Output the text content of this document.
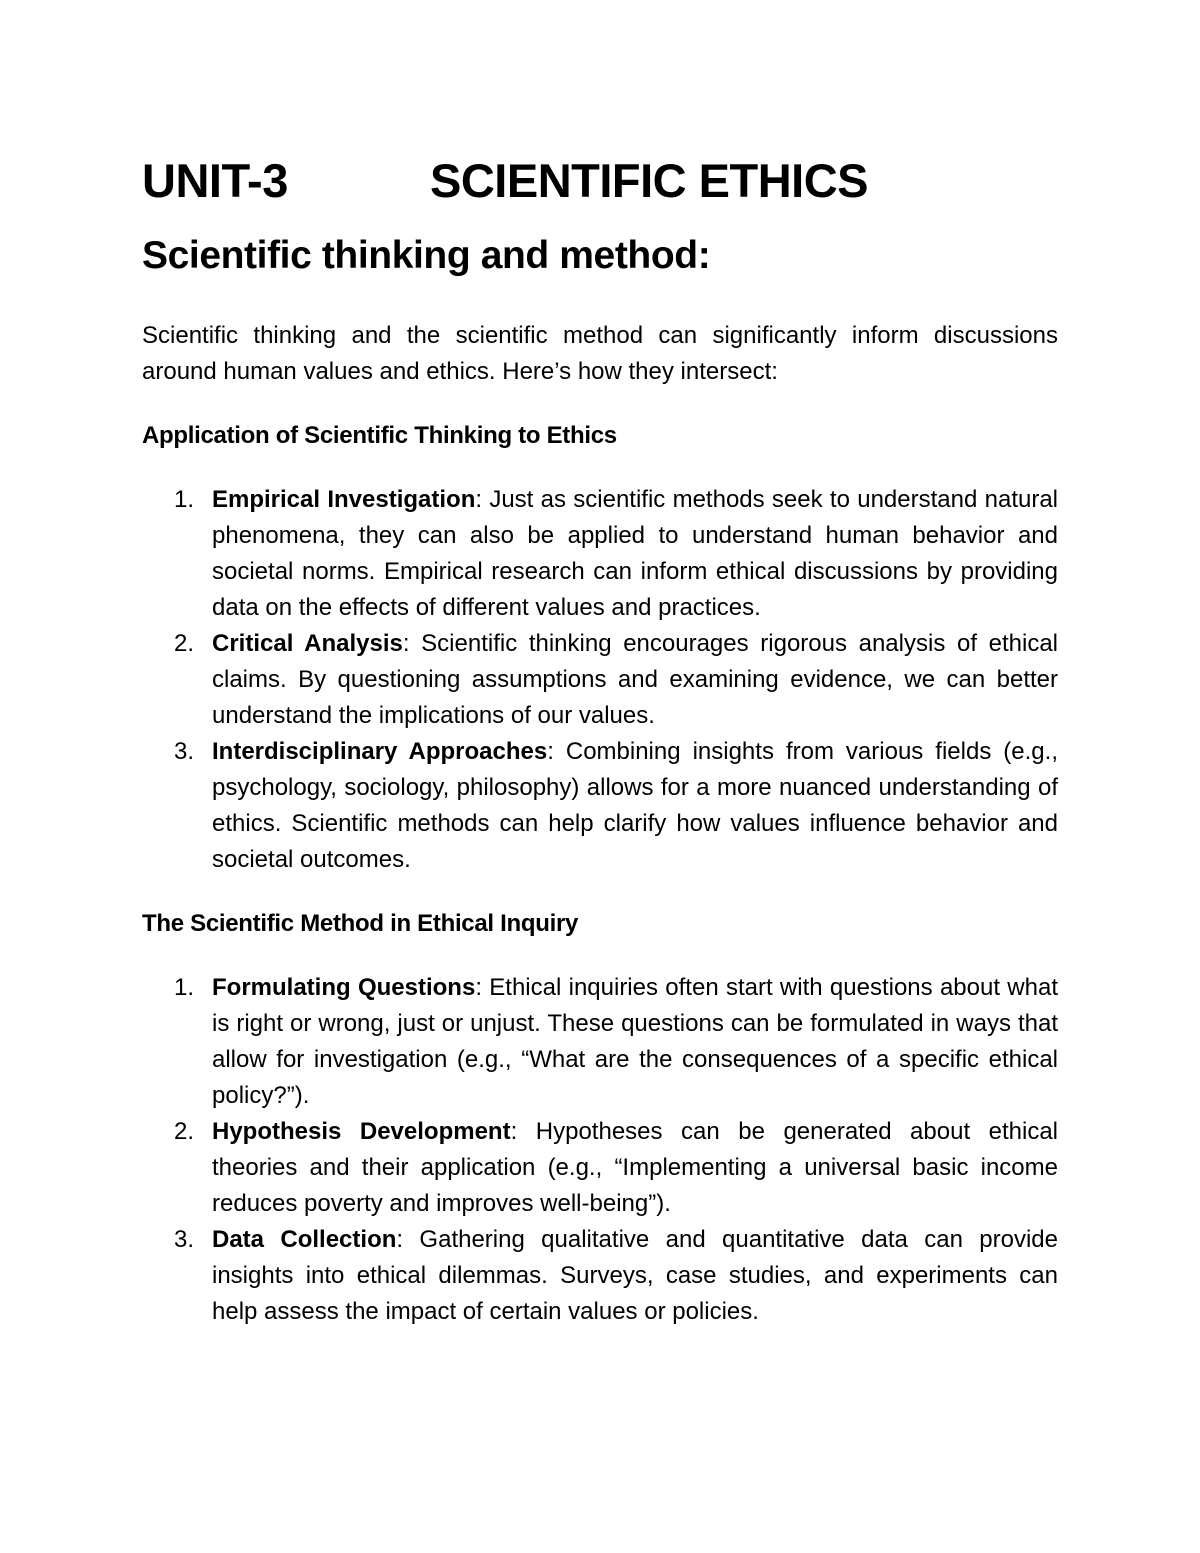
UNIT-3	SCIENTIFIC ETHICS
Scientific thinking and method:

Scientific thinking and the scientific method can significantly inform discussions around human values and ethics. Here’s how they intersect:

Application of Scientific Thinking to Ethics

1. Empirical Investigation: Just as scientific methods seek to understand natural phenomena, they can also be applied to understand human behavior and societal norms. Empirical research can inform ethical discussions by providing data on the effects of different values and practices.
2. Critical Analysis: Scientific thinking encourages rigorous analysis of ethical claims. By questioning assumptions and examining evidence, we can better understand the implications of our values.
3. Interdisciplinary Approaches: Combining insights from various fields (e.g., psychology, sociology, philosophy) allows for a more nuanced understanding of ethics. Scientific methods can help clarify how values influence behavior and societal outcomes.

The Scientific Method in Ethical Inquiry

1. Formulating Questions: Ethical inquiries often start with questions about what is right or wrong, just or unjust. These questions can be formulated in ways that allow for investigation (e.g., “What are the consequences of a specific ethical policy?”).
2. Hypothesis Development: Hypotheses can be generated about ethical theories and their application (e.g., “Implementing a universal basic income reduces poverty and improves well-being”).
3. Data Collection: Gathering qualitative and quantitative data can provide insights into ethical dilemmas. Surveys, case studies, and experiments can help assess the impact of certain values or policies.
